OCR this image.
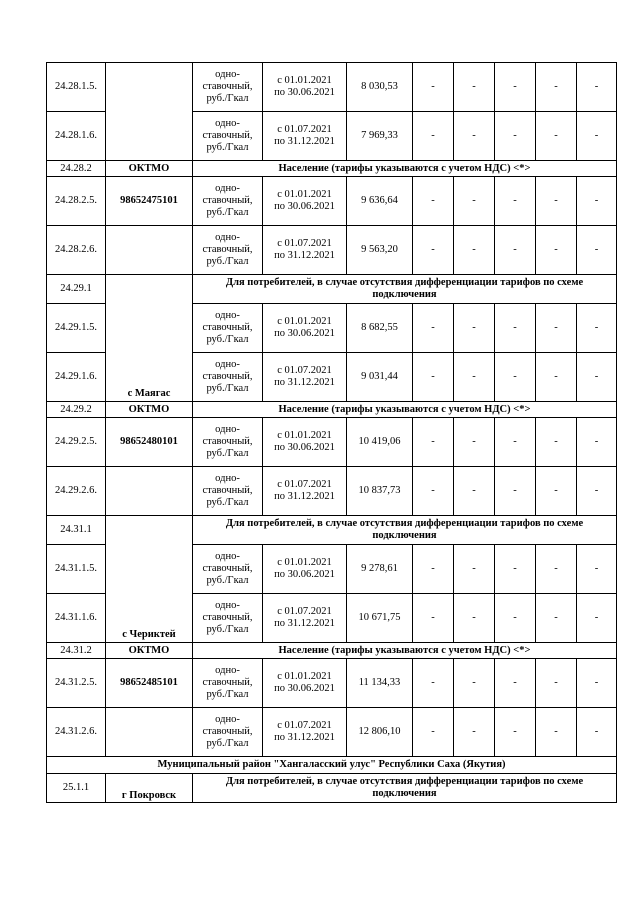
24.28.1.5.		одно-ставочный, руб./Гкал	с 01.01.2021
по 30.06.2021	8 030,53	-	-	-	-	-
24.28.1.6.		одно-ставочный, руб./Гкал	с 01.07.2021
по 31.12.2021	7 969,33	-	-	-	-	-
24.28.2	ОКТМО	Население (тарифы указываются с учетом НДС) <*>							
24.28.2.5.	98652475101	одно-ставочный, руб./Гкал	с 01.01.2021
по 30.06.2021	9 636,64	-	-	-	-	-
24.28.2.6.		одно-ставочный, руб./Гкал	с 01.07.2021
по 31.12.2021	9 563,20	-	-	-	-	-
24.29.1	с Маягас	Для потребителей, в случае отсутствия дифференциации тарифов по схеме подключения							
24.29.1.5.		одно-ставочный, руб./Гкал	с 01.01.2021
по 30.06.2021	8 682,55	-	-	-	-	-
24.29.1.6.		одно-ставочный, руб./Гкал	с 01.07.2021
по 31.12.2021	9 031,44	-	-	-	-	-
24.29.2	ОКТМО	Население (тарифы указываются с учетом НДС) <*>							
24.29.2.5.	98652480101	одно-ставочный, руб./Гкал	с 01.01.2021
по 30.06.2021	10 419,06	-	-	-	-	-
24.29.2.6.		одно-ставочный, руб./Гкал	с 01.07.2021
по 31.12.2021	10 837,73	-	-	-	-	-
24.31.1	с Чериктей	Для потребителей, в случае отсутствия дифференциации тарифов по схеме подключения							
24.31.1.5.		одно-ставочный, руб./Гкал	с 01.01.2021
по 30.06.2021	9 278,61	-	-	-	-	-
24.31.1.6.		одно-ставочный, руб./Гкал	с 01.07.2021
по 31.12.2021	10 671,75	-	-	-	-	-
24.31.2	ОКТМО	Население (тарифы указываются с учетом НДС) <*>							
24.31.2.5.	98652485101	одно-ставочный, руб./Гкал	с 01.01.2021
по 30.06.2021	11 134,33	-	-	-	-	-
24.31.2.6.		одно-ставочный, руб./Гкал	с 01.07.2021
по 31.12.2021	12 806,10	-	-	-	-	-
Муниципальный район "Хангаласский улус" Республики Саха (Якутия)									
25.1.1	г Покровск	Для потребителей, в случае отсутствия дифференциации тарифов по схеме подключения							
